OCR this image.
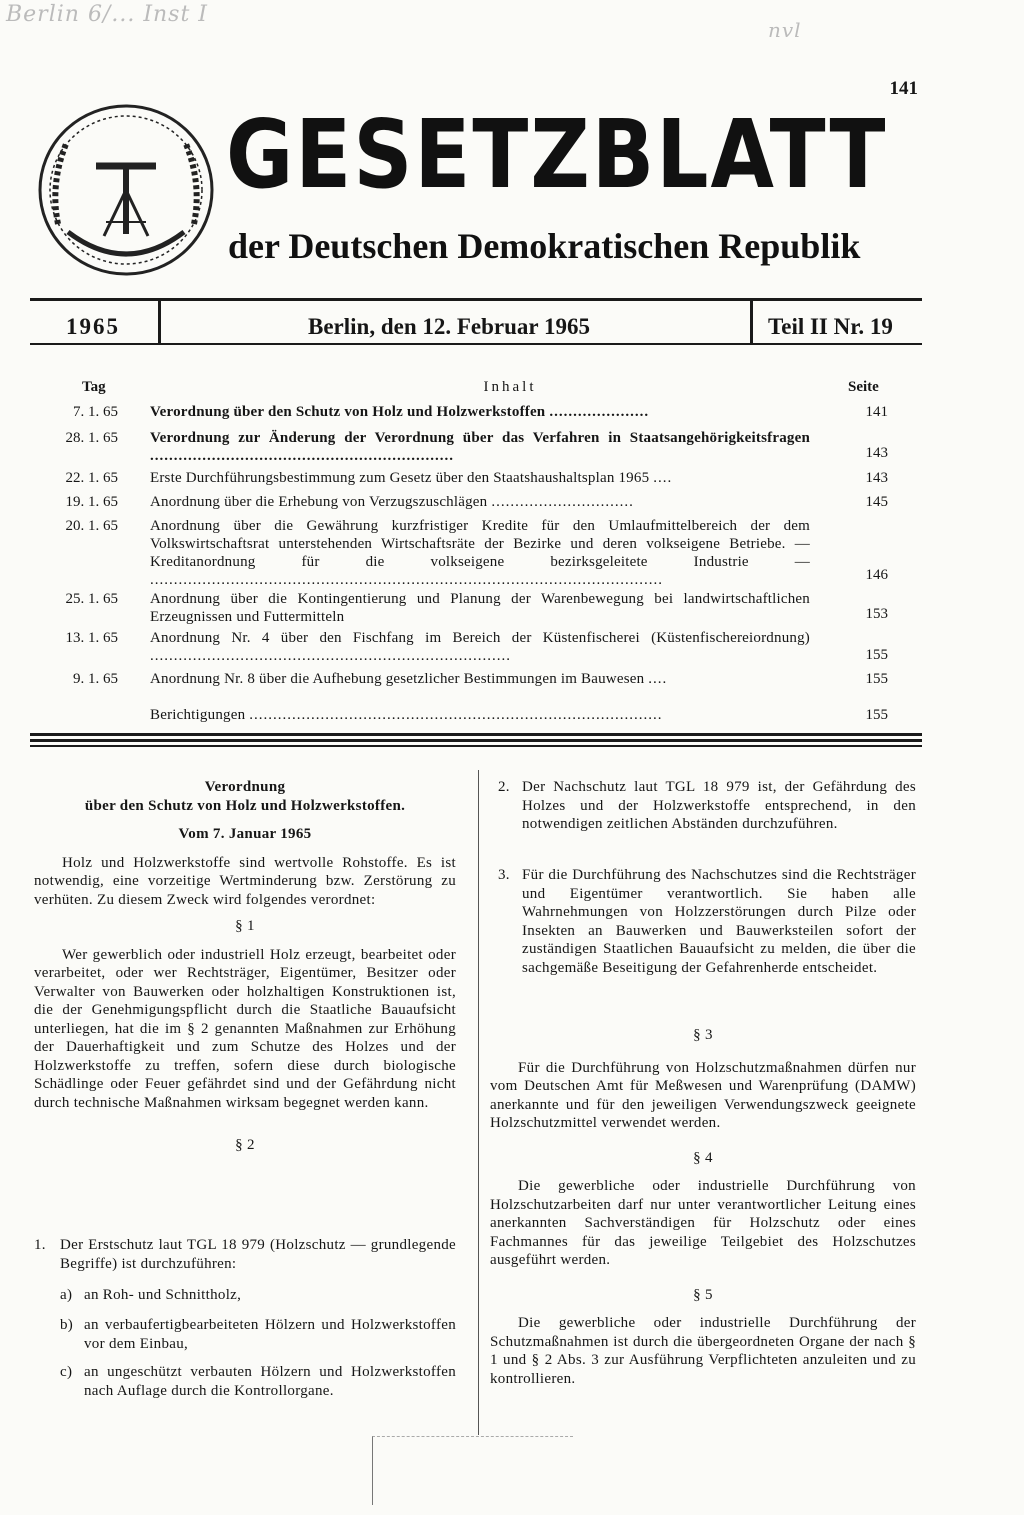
Berlin 6/... Inst I
nvl
141
GESETZBLATT
der Deutschen Demokratischen Republik
1965	Berlin, den 12. Februar 1965	Teil II Nr. 19
Tag	Inhalt	Seite
7. 1. 65 Verordnung über den Schutz von Holz und Holzwerkstoffen .....................	141
28. 1. 65 Verordnung zur Änderung der Verordnung über das Verfahren in Staatsangehörigkeitsfragen ................................................................	143
22. 1. 65 Erste Durchführungsbestimmung zum Gesetz über den Staatshaushaltsplan 1965 ....	143
19. 1. 65 Anordnung über die Erhebung von Verzugszuschlägen ..............................	145
20. 1. 65 Anordnung über die Gewährung kurzfristiger Kredite für den Umlaufmittelbereich der dem Volkswirtschaftsrat unterstehenden Wirtschaftsräte der Bezirke und deren volkseigene Betriebe. — Kreditanordnung für die volkseigene bezirksgeleitete Industrie — ............................................................................................................	146
25. 1. 65 Anordnung über die Kontingentierung und Planung der Warenbewegung bei landwirtschaftlichen Erzeugnissen und Futtermitteln	153
13. 1. 65 Anordnung Nr. 4 über den Fischfang im Bereich der Küstenfischerei (Küstenfischereiordnung) ............................................................................	155
9. 1. 65 Anordnung Nr. 8 über die Aufhebung gesetzlicher Bestimmungen im Bauwesen ....	155
Berichtigungen .......................................................................................	155

Verordnung

über den Schutz von Holz und Holzwerkstoffen.

Vom 7. Januar 1965

Holz und Holzwerkstoffe sind wertvolle Rohstoffe. Es ist notwendig, eine vorzeitige Wertminderung bzw. Zerstörung zu verhüten. Zu diesem Zweck wird folgendes verordnet:

§ 1

Wer gewerblich oder industriell Holz erzeugt, bearbeitet oder verarbeitet, oder wer Rechtsträger, Eigentümer, Besitzer oder Verwalter von Bauwerken oder holzhaltigen Konstruktionen ist, die der Genehmigungspflicht durch die Staatliche Bauaufsicht unterliegen, hat die im § 2 genannten Maßnahmen zur Erhöhung der Dauerhaftigkeit und zum Schutze des Holzes und der Holzwerkstoffe zu treffen, sofern diese durch biologische Schädlinge oder Feuer gefährdet sind und der Gefährdung nicht durch technische Maßnahmen wirksam begegnet werden kann.

§ 2

1. Der Erstschutz laut TGL 18 979 (Holzschutz — grundlegende Begriffe) ist durchzuführen:
a) an Roh- und Schnittholz,
b) an verbaufertigbearbeiteten Hölzern und Holzwerkstoffen vor dem Einbau,
c) an ungeschützt verbauten Hölzern und Holzwerkstoffen nach Auflage durch die Kontrollorgane.
2. Der Nachschutz laut TGL 18 979 ist, der Gefährdung des Holzes und der Holzwerkstoffe entsprechend, in den notwendigen zeitlichen Abständen durchzuführen.
3. Für die Durchführung des Nachschutzes sind die Rechtsträger und Eigentümer verantwortlich. Sie haben alle Wahrnehmungen von Holzzerstörungen durch Pilze oder Insekten an Bauwerken und Bauwerksteilen sofort der zuständigen Staatlichen Bauaufsicht zu melden, die über die sachgemäße Beseitigung der Gefahrenherde entscheidet.

§ 3

Für die Durchführung von Holzschutzmaßnahmen dürfen nur vom Deutschen Amt für Meßwesen und Warenprüfung (DAMW) anerkannte und für den jeweiligen Verwendungszweck geeignete Holzschutzmittel verwendet werden.

§ 4

Die gewerbliche oder industrielle Durchführung von Holzschutzarbeiten darf nur unter verantwortlicher Leitung eines anerkannten Sachverständigen für Holzschutz oder eines Fachmannes für das jeweilige Teilgebiet des Holzschutzes ausgeführt werden.

§ 5

Die gewerbliche oder industrielle Durchführung der Schutzmaßnahmen ist durch die übergeordneten Organe der nach § 1 und § 2 Abs. 3 zur Ausführung Verpflichteten anzuleiten und zu kontrollieren.
